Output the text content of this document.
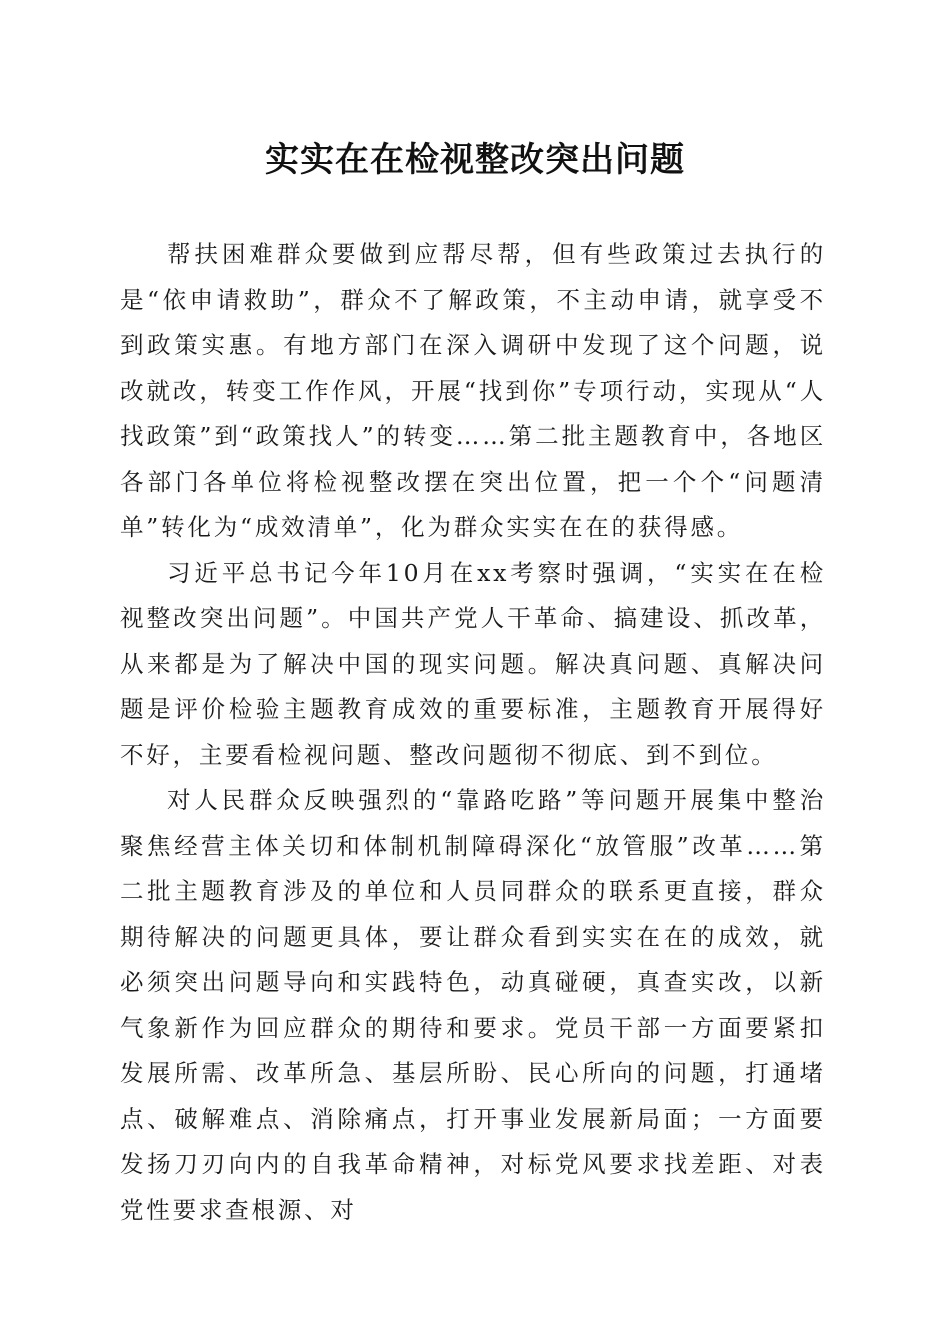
实实在在检视整改突出问题

帮扶困难群众要做到应帮尽帮，但有些政策过去执行的是“依申请救助”，群众不了解政策，不主动申请，就享受不到政策实惠。有地方部门在深入调研中发现了这个问题，说改就改，转变工作作风，开展“找到你”专项行动，实现从“人找政策”到“政策找人”的转变……第二批主题教育中，各地区各部门各单位将检视整改摆在突出位置，把一个个“问题清单”转化为“成效清单”，化为群众实实在在的获得感。

习近平总书记今年10月在xx考察时强调，“实实在在检视整改突出问题”。中国共产党人干革命、搞建设、抓改革，从来都是为了解决中国的现实问题。解决真问题、真解决问题是评价检验主题教育成效的重要标准，主题教育开展得好不好，主要看检视问题、整改问题彻不彻底、到不到位。

对人民群众反映强烈的“靠路吃路”等问题开展集中整治聚焦经营主体关切和体制机制障碍深化“放管服”改革……第二批主题教育涉及的单位和人员同群众的联系更直接，群众期待解决的问题更具体，要让群众看到实实在在的成效，就必须突出问题导向和实践特色，动真碰硬，真查实改，以新气象新作为回应群众的期待和要求。党员干部一方面要紧扣发展所需、改革所急、基层所盼、民心所向的问题，打通堵点、破解难点、消除痛点，打开事业发展新局面；一方面要发扬刀刃向内的自我革命精神，对标党风要求找差距、对表党性要求查根源、对
